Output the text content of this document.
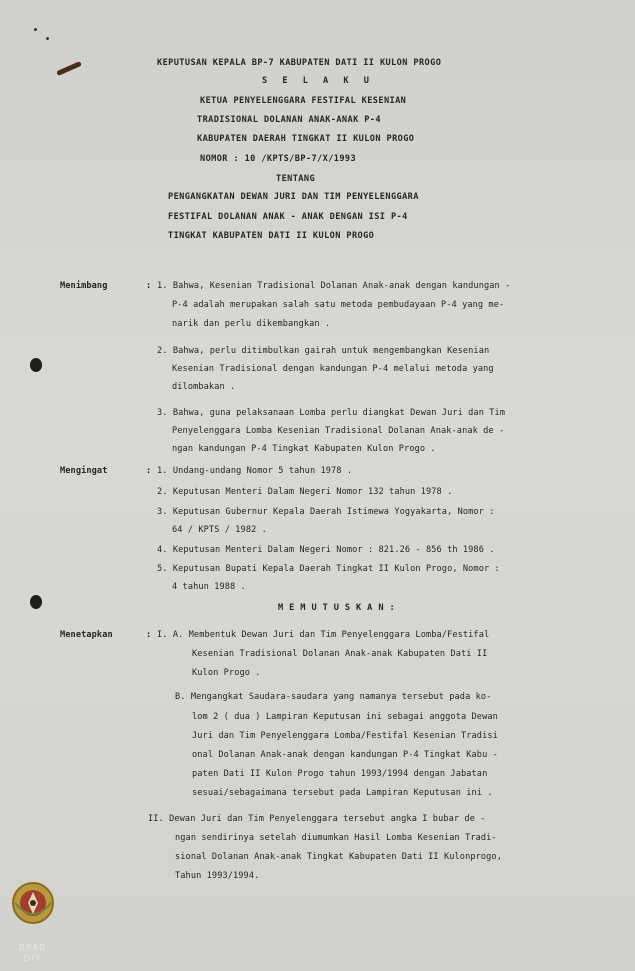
KEPUTUSAN KEPALA BP-7 KABUPATEN DATI II KULON PROGO
S E L A K U
KETUA PENYELENGGARA FESTIFAL KESENIAN
TRADISIONAL DOLANAN ANAK-ANAK P-4
KABUPATEN DAERAH TINGKAT II KULON PROGO
NOMOR : 10 /KPTS/BP-7/X/1993
TENTANG
PENGANGKATAN DEWAN JURI DAN TIM PENYELENGGARA
FESTIFAL DOLANAN ANAK - ANAK DENGAN ISI P-4
TINGKAT KABUPATEN DATI II KULON PROGO
Menimbang	: 1. Bahwa, Kesenian Tradisional Dolanan Anak-anak dengan kandungan -
P-4 adalah merupakan salah satu metoda pembudayaan P-4 yang me-
narik dan perlu dikembangkan .
2. Bahwa, perlu ditimbulkan gairah untuk mengembangkan Kesenian
Kesenian Tradisional dengan kandungan P-4 melalui metoda yang
dilombakan .
3. Bahwa, guna pelaksanaan Lomba perlu diangkat Dewan Juri dan Tim
Penyelenggara Lomba Kesenian Tradisional Dolanan Anak-anak de -
ngan kandungan P-4 Tingkat Kabupaten Kulon Progo .
Mengingat	: 1. Undang-undang Nomor 5 tahun 1978 .
2. Keputusan Menteri Dalam Negeri Nomor 132 tahun 1978 .
3. Keputusan Gubernur Kepala Daerah Istimewa Yogyakarta, Nomor :
64 / KPTS / 1982 .
4. Keputusan Menteri Dalam Negeri Nomor : 821.26 - 856 th 1986 .
5. Keputusan Bupati Kepala Daerah Tingkat II Kulon Progo, Nomor :
4 tahun 1988 .
M E M U T U S K A N :
Menetapkan	: I. A. Membentuk Dewan Juri dan Tim Penyelenggara Lomba/Festifal
Kesenian Tradisional Dolanan Anak-anak Kabupaten Dati II
Kulon Progo .
B. Mengangkat Saudara-saudara yang namanya tersebut pada ko-
lom 2 ( dua ) Lampiran Keputusan ini sebagai anggota Dewan
Juri dan Tim Penyelenggara Lomba/Festifal Kesenian Tradisi
onal Dolanan Anak-anak dengan kandungan P-4 Tingkat Kabu -
paten Dati II Kulon Progo tahun 1993/1994 dengan Jabatan
sesuai/sebagaimana tersebut pada Lampiran Keputusan ini .
II. Dewan Juri dan Tim Penyelenggara tersebut angka I bubar de -
ngan sendirinya setelah diumumkan Hasil Lomba Kesenian Tradi-
sional Dolanan Anak-anak Tingkat Kabupaten Dati II Kulonprogo,
Tahun 1993/1994.
DPAD
DIY
